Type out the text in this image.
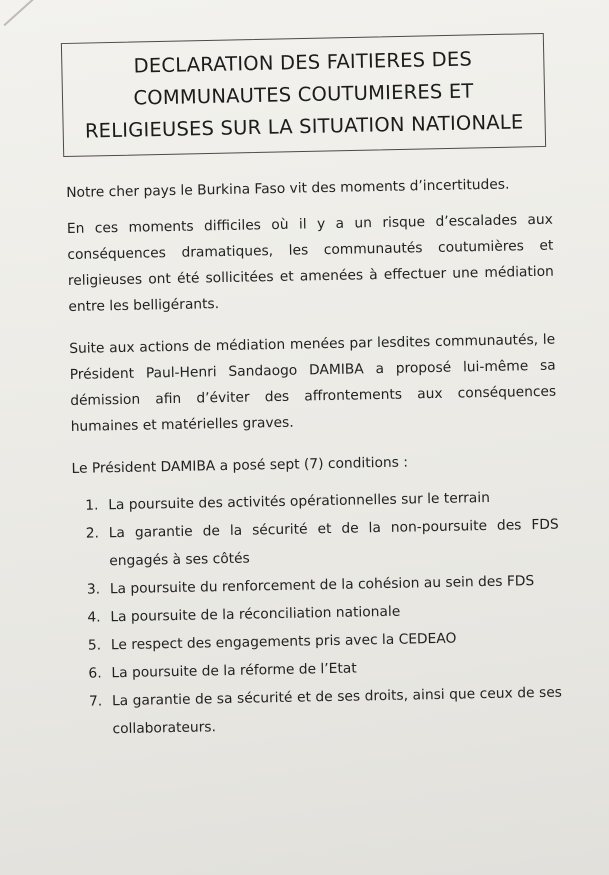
DECLARATION DES FAITIERES DES
COMMUNAUTES COUTUMIERES ET
RELIGIEUSES SUR LA SITUATION NATIONALE

Notre cher pays le Burkina Faso vit des moments d’incertitudes.

En ces moments difficiles où il y a un risque d’escalades aux conséquences dramatiques, les communautés coutumières et religieuses ont été sollicitées et amenées à effectuer une médiation entre les belligérants.

Suite aux actions de médiation menées par lesdites communautés, le Président Paul-Henri Sandaogo DAMIBA a proposé lui-même sa démission afin d’éviter des affrontements aux conséquences humaines et matérielles graves.

Le Président DAMIBA a posé sept (7) conditions :

1. La poursuite des activités opérationnelles sur le terrain
2. La garantie de la sécurité et de la non-poursuite des FDS engagés à ses côtés
3. La poursuite du renforcement de la cohésion au sein des FDS
4. La poursuite de la réconciliation nationale
5. Le respect des engagements pris avec la CEDEAO
6. La poursuite de la réforme de l’Etat
7. La garantie de sa sécurité et de ses droits, ainsi que ceux de ses collaborateurs.
